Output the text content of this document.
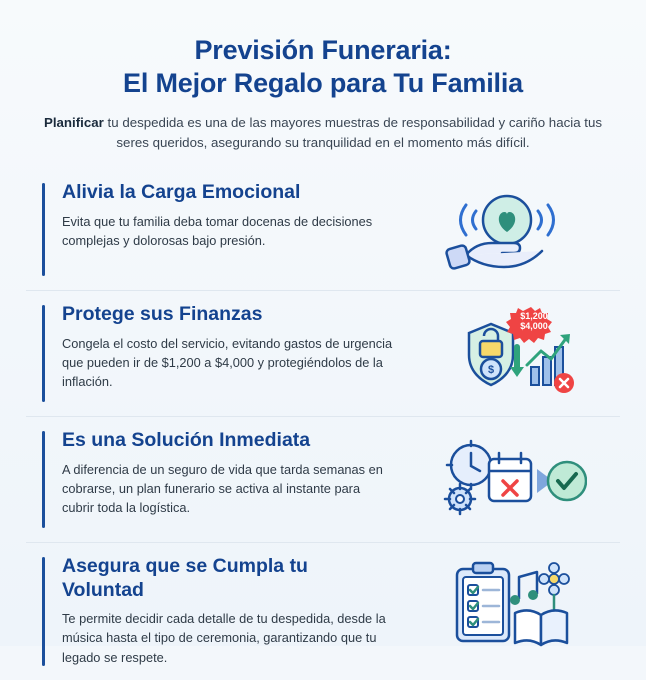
Previsión Funeraria:
El Mejor Regalo para Tu Familia

Planificar tu despedida es una de las mayores muestras de responsabilidad y cariño hacia tus seres queridos, asegurando su tranquilidad en el momento más difícil.

Alivia la Carga Emocional

Evita que tu familia deba tomar docenas de decisiones complejas y dolorosas bajo presión.

Protege sus Finanzas

Congela el costo del servicio, evitando gastos de urgencia que pueden ir de $1,200 a $4,000 y protegiéndolos de la inflación.

$
$1,200
$4,000
Es una Solución Inmediata

A diferencia de un seguro de vida que tarda semanas en cobrarse, un plan funerario se activa al instante para cubrir toda la logística.

Asegura que se Cumpla tu Voluntad

Te permite decidir cada detalle de tu despedida, desde la música hasta el tipo de ceremonia, garantizando que tu legado se respete.
